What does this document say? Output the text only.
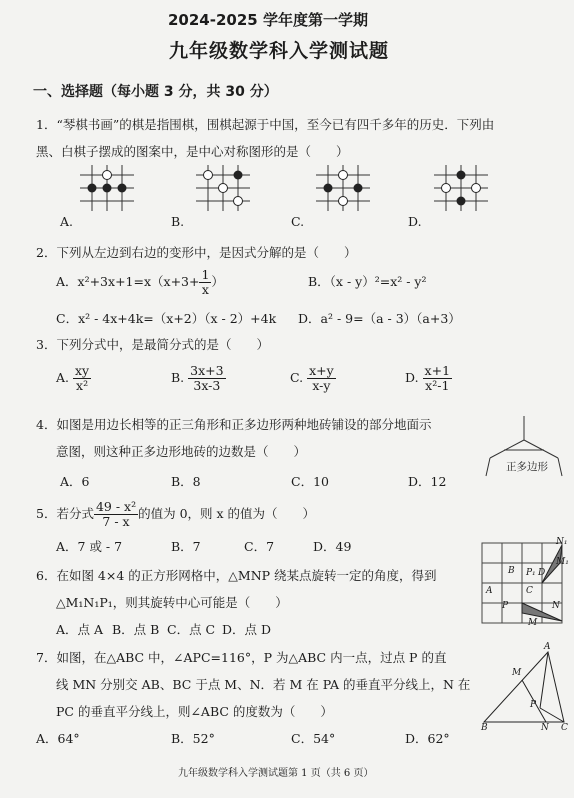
2024-2025 学年度第一学期
九年级数学科入学测试题
一、选择题（每小题 3 分，共 30 分）
1．“琴棋书画”的棋是指围棋，围棋起源于中国，至今已有四千多年的历史．下列由
黑、白棋子摆成的图案中，是中心对称图形的是（　　）
A.	B.	C.	D.
2．下列从左边到右边的变形中，是因式分解的是（　　）
A．$x^2+3x+1=x(x+3+ \frac{1}{x}$ ）	B．（x - y）²=x² - y²
C．x² - 4x+4k=（x+2）（x - 2）+4k D．a² - 9=（a - 3）（a+3）
3．下列分式中，是最简分式的是（　　）
A. $\frac{xy}{\text{x²}}$	B. $\frac{3x+3}{3x-3}$	C. $\frac{x+y}{x-y}$	D. $\frac{x+1}{\text{x²-1}}$
4．如图是用边长相等的正三角形和正多边形两种地砖铺设的部分地面示
意图，则这种正多边形地砖的边数是（　　）
A．6	B．8	C．10	D．12
正多边形
5．若分式 $\frac{\text{49 - x²}}{7 - x}$ 的值为 0，则 x 的值为（　　）
A．7 或 - 7	B．7	C．7	D．49
6．在如图 4×4 的正方形网格中，△MNP 绕某点旋转一定的角度，得到
△M₁N₁P₁，则其旋转中心可能是（　　）
A．点 A B．点 B C．点 C D．点 D
N₁
M₁
B P₁ D
A	C
P	N
M
7．如图，在△ABC 中，∠APC=116°，P 为△ABC 内一点，过点 P 的直
线 MN 分别交 AB、BC 于点 M、N．若 M 在 PA 的垂直平分线上，N 在
PC 的垂直平分线上，则∠ABC 的度数为（　　）
A．64°	B．52°	C．54°	D．62°
A
M
P
B	N C
九年级数学科入学测试题第 1 页（共 6 页）
